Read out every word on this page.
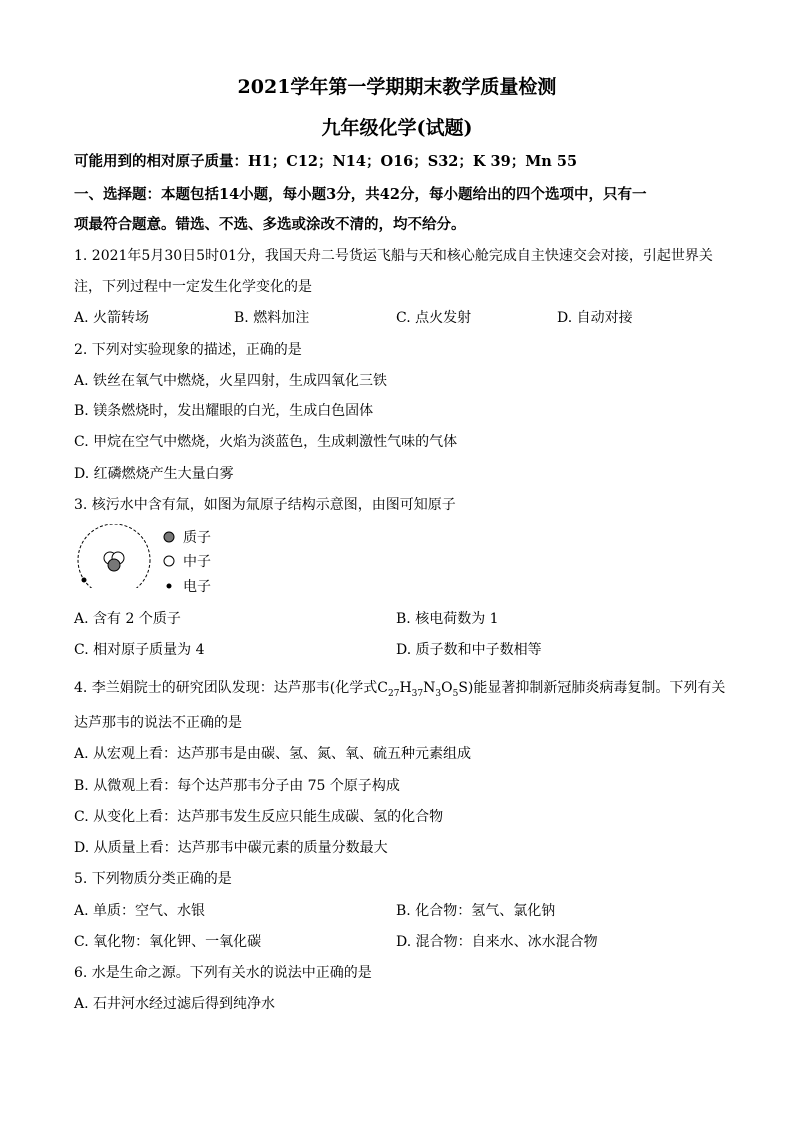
2021学年第一学期期末教学质量检测
九年级化学(试题)
可能用到的相对原子质量：H1；C12；N14；O16；S32；K 39；Mn 55
一、选择题：本题包括14小题，每小题3分，共42分，每小题给出的四个选项中，只有一
项最符合题意。错选、不选、多选或涂改不清的，均不给分。
1. 2021年5月30日5时01分，我国天舟二号货运飞船与天和核心舱完成自主快速交会对接，引起世界关
注，下列过程中一定发生化学变化的是
A. 火箭转场	B. 燃料加注	C. 点火发射	D. 自动对接
2. 下列对实验现象的描述，正确的是
A. 铁丝在氧气中燃烧，火星四射，生成四氧化三铁
B. 镁条燃烧时，发出耀眼的白光，生成白色固体
C. 甲烷在空气中燃烧，火焰为淡蓝色，生成刺激性气味的气体
D. 红磷燃烧产生大量白雾
3. 核污水中含有氚，如图为氚原子结构示意图，由图可知原子
质子
中子
电子
A. 含有 2 个质子	B. 核电荷数为 1
C. 相对原子质量为 4	D. 质子数和中子数相等
4. 李兰娟院士的研究团队发现：达芦那韦(化学式$C_{27}H_{37}N_3O_5S$)能显著抑制新冠肺炎病毒复制。下列有关
达芦那韦的说法不正确的是
A. 从宏观上看：达芦那韦是由碳、氢、氮、氧、硫五种元素组成
B. 从微观上看：每个达芦那韦分子由 75 个原子构成
C. 从变化上看：达芦那韦发生反应只能生成碳、氢的化合物
D. 从质量上看：达芦那韦中碳元素的质量分数最大
5. 下列物质分类正确的是
A. 单质：空气、水银	B. 化合物：氢气、氯化钠
C. 氧化物：氧化钾、一氧化碳	D. 混合物：自来水、冰水混合物
6. 水是生命之源。下列有关水的说法中正确的是
A. 石井河水经过滤后得到纯净水
